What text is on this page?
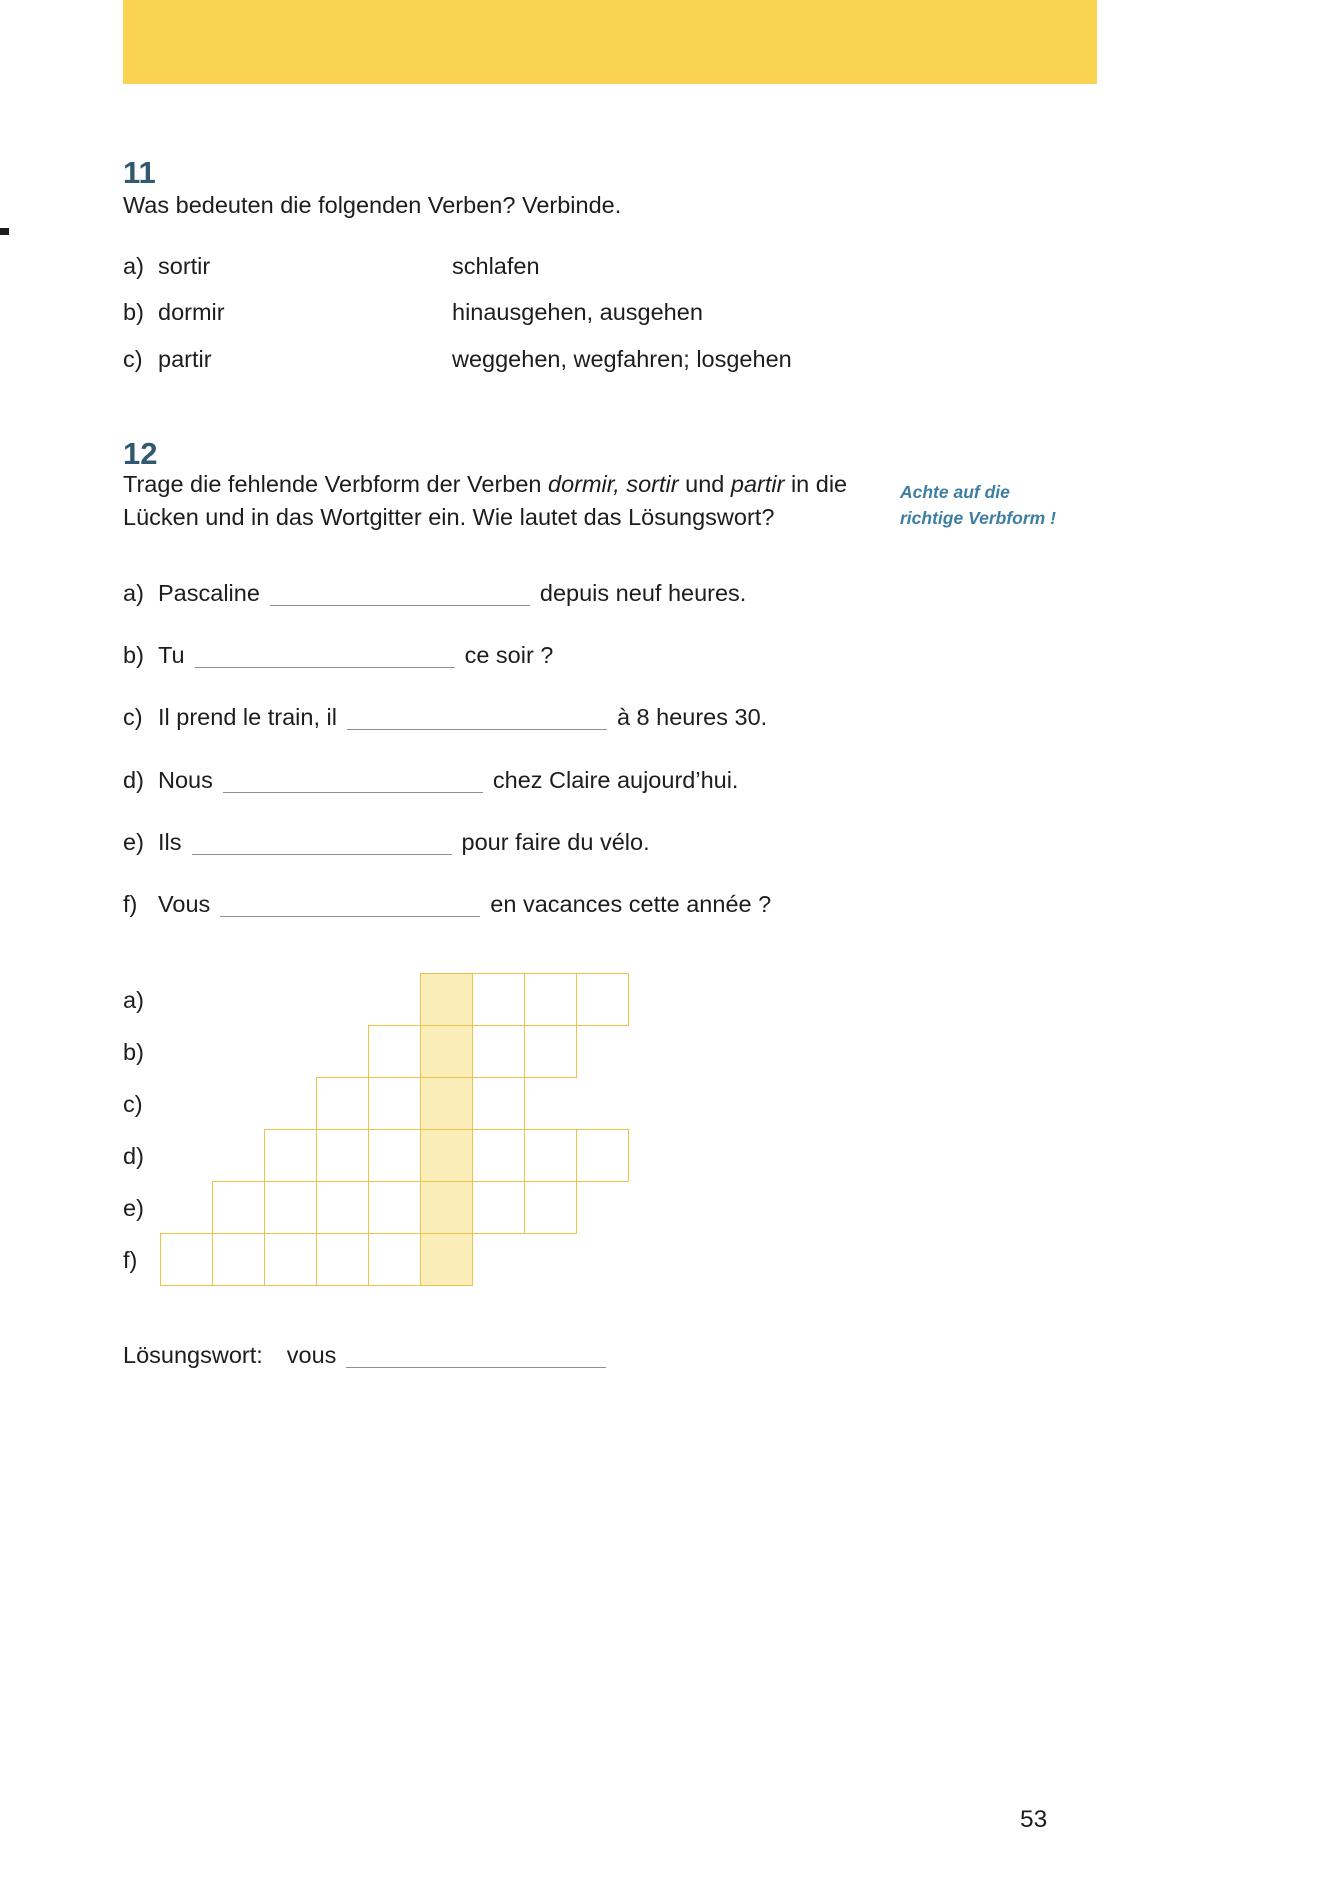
11
Was bedeuten die folgenden Verben? Verbinde.
a) sortir	schlafen
b) dormir	hinausgehen, ausgehen
c) partir	weggehen, wegfahren; losgehen
12

Trage die fehlende Verbform der Verben dormir, sortir und partir in die
Lücken und in das Wortgitter ein. Wie lautet das Lösungswort?

Achte auf die
richtige Verbform !
a) Pascaline	depuis neuf heures.
b) Tu	ce soir ?
c) Il prend le train, il	à 8 heures 30.
d) Nous	chez Claire aujourd’hui.
e) Ils	pour faire du vélo.
f) Vous	en vacances cette année ?
a)
b)
c)
d)
e)
f)
Lösungswort: vous
53
